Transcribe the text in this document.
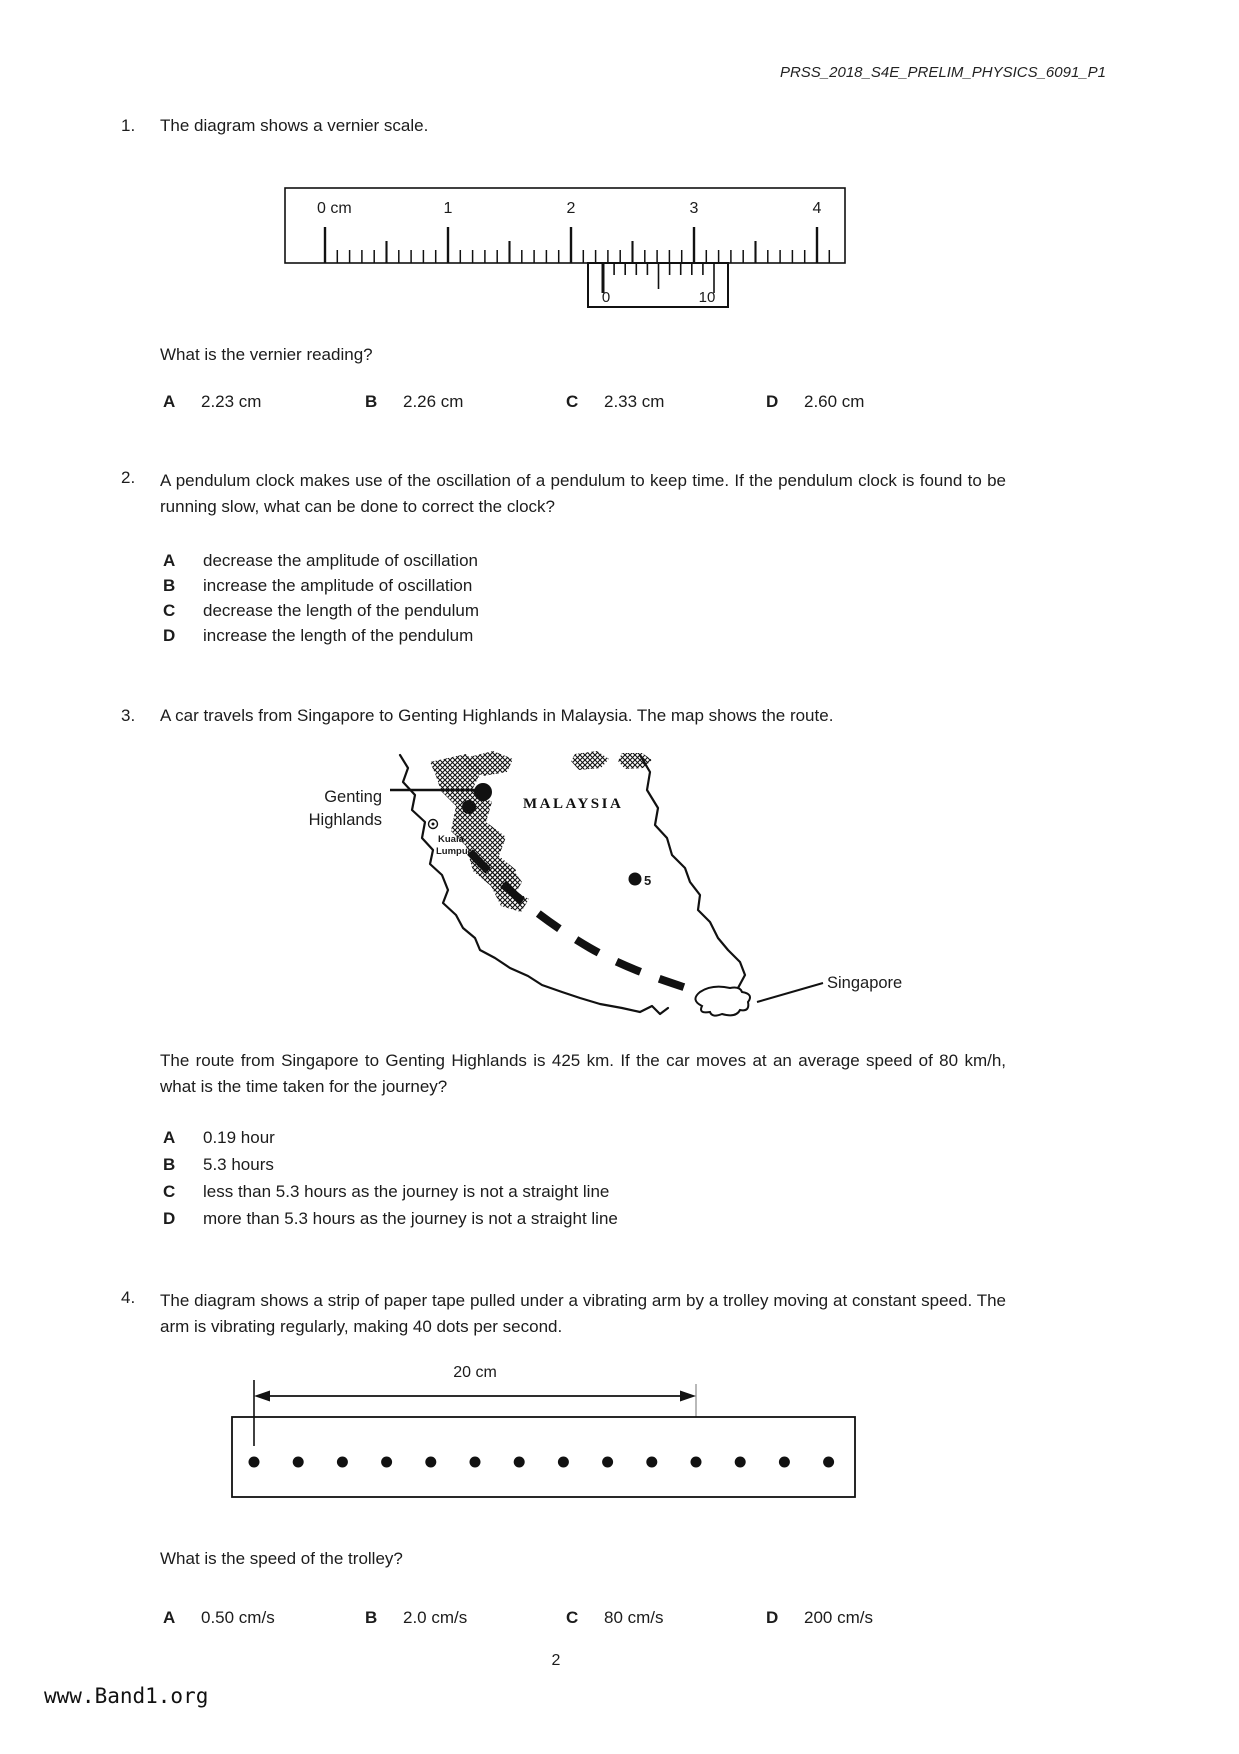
PRSS_2018_S4E_PRELIM_PHYSICS_6091_P1
1. The diagram shows a vernier scale.
0 cm	1	2	3	4
0	10
What is the vernier reading?
A 2.23 cm	B 2.26 cm	C 2.33 cm	D 2.60 cm
2. A pendulum clock makes use of the oscillation of a pendulum to keep time. If the pendulum clock is found to be running slow, what can be done to correct the clock?
A decrease the amplitude of oscillation
B increase the amplitude of oscillation
C decrease the length of the pendulum
D increase the length of the pendulum
3. A car travels from Singapore to Genting Highlands in Malaysia. The map shows the route.
Genting
Highlands
MALAYSIA
Kuala
Lumpur
5
Singapore
The route from Singapore to Genting Highlands is 425 km. If the car moves at an average speed of 80 km/h, what is the time taken for the journey?
A 0.19 hour
B 5.3 hours
C less than 5.3 hours as the journey is not a straight line
D more than 5.3 hours as the journey is not a straight line
4. The diagram shows a strip of paper tape pulled under a vibrating arm by a trolley moving at constant speed. The arm is vibrating regularly, making 40 dots per second.
20 cm
What is the speed of the trolley?
A 0.50 cm/s	B 2.0 cm/s	C 80 cm/s	D 200 cm/s
2
www.Band1.org
